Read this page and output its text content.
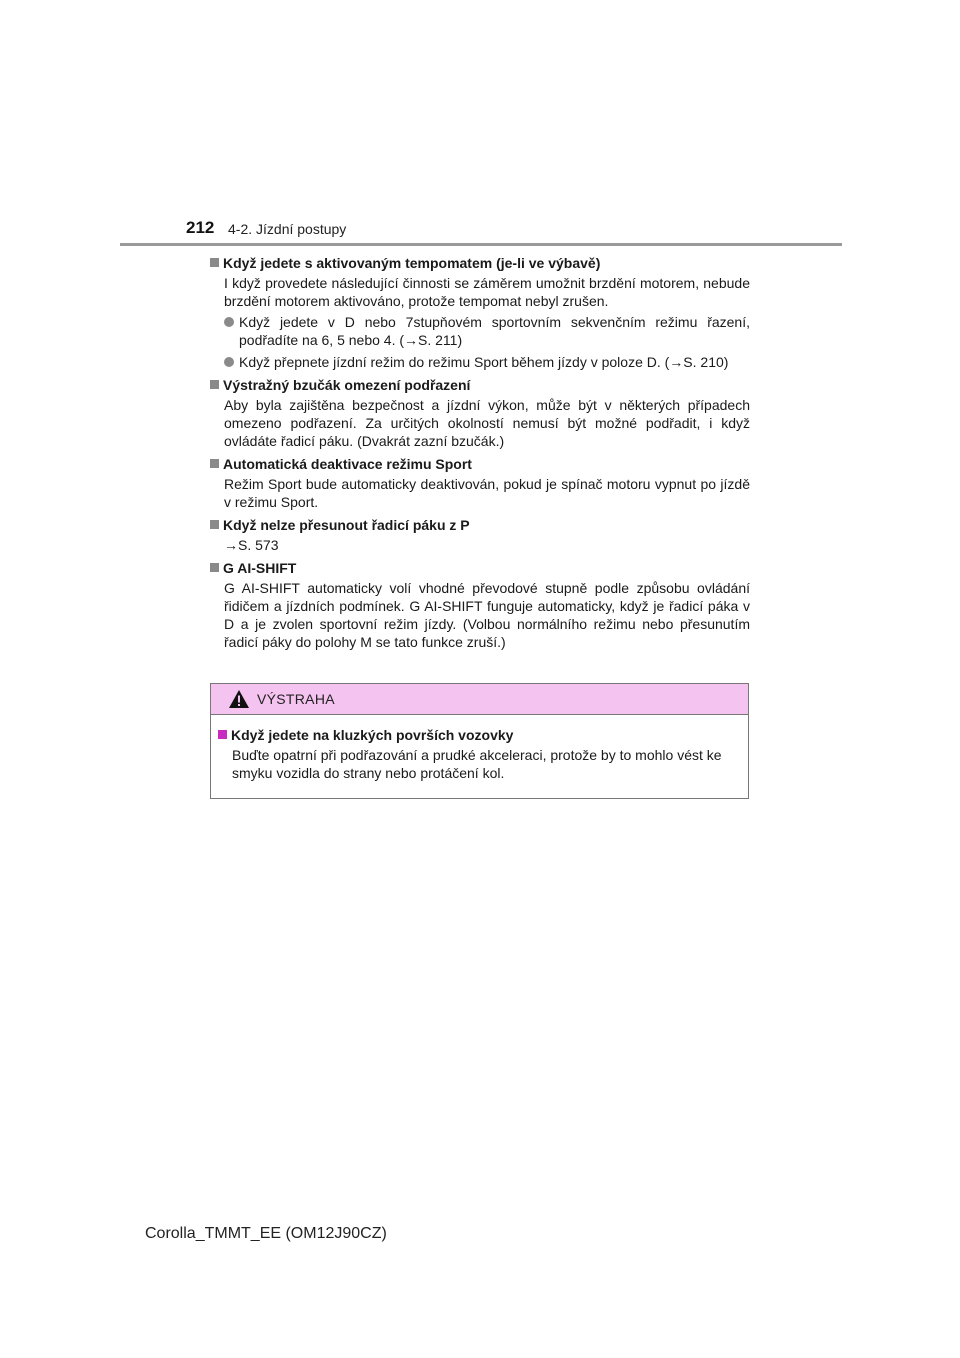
212 4-2. Jízdní postupy
Když jedete s aktivovaným tempomatem (je-li ve výbavě)
I když provedete následující činnosti se záměrem umožnit brzdění motorem, nebude brzdění motorem aktivováno, protože tempomat nebyl zrušen.
Když jedete v D nebo 7stupňovém sportovním sekvenčním režimu řazení, podřadíte na 6, 5 nebo 4. (→S. 211)
Když přepnete jízdní režim do režimu Sport během jízdy v poloze D. (→S. 210)
Výstražný bzučák omezení podřazení
Aby byla zajištěna bezpečnost a jízdní výkon, může být v některých případech omezeno podřazení. Za určitých okolností nemusí být možné podřadit, i když ovládáte řadicí páku. (Dvakrát zazní bzučák.)
Automatická deaktivace režimu Sport
Režim Sport bude automaticky deaktivován, pokud je spínač motoru vypnut po jízdě v režimu Sport.
Když nelze přesunout řadicí páku z P
→S. 573
G AI-SHIFT
G AI-SHIFT automaticky volí vhodné převodové stupně podle způsobu ovládání řidičem a jízdních podmínek. G AI-SHIFT funguje automaticky, když je řadicí páka v D a je zvolen sportovní režim jízdy. (Volbou normálního režimu nebo přesunutím řadicí páky do polohy M se tato funkce zruší.)
VÝSTRAHA
Když jedete na kluzkých površích vozovky
Buďte opatrní při podřazování a prudké akceleraci, protože by to mohlo vést ke smyku vozidla do strany nebo protáčení kol.
Corolla_TMMT_EE (OM12J90CZ)
